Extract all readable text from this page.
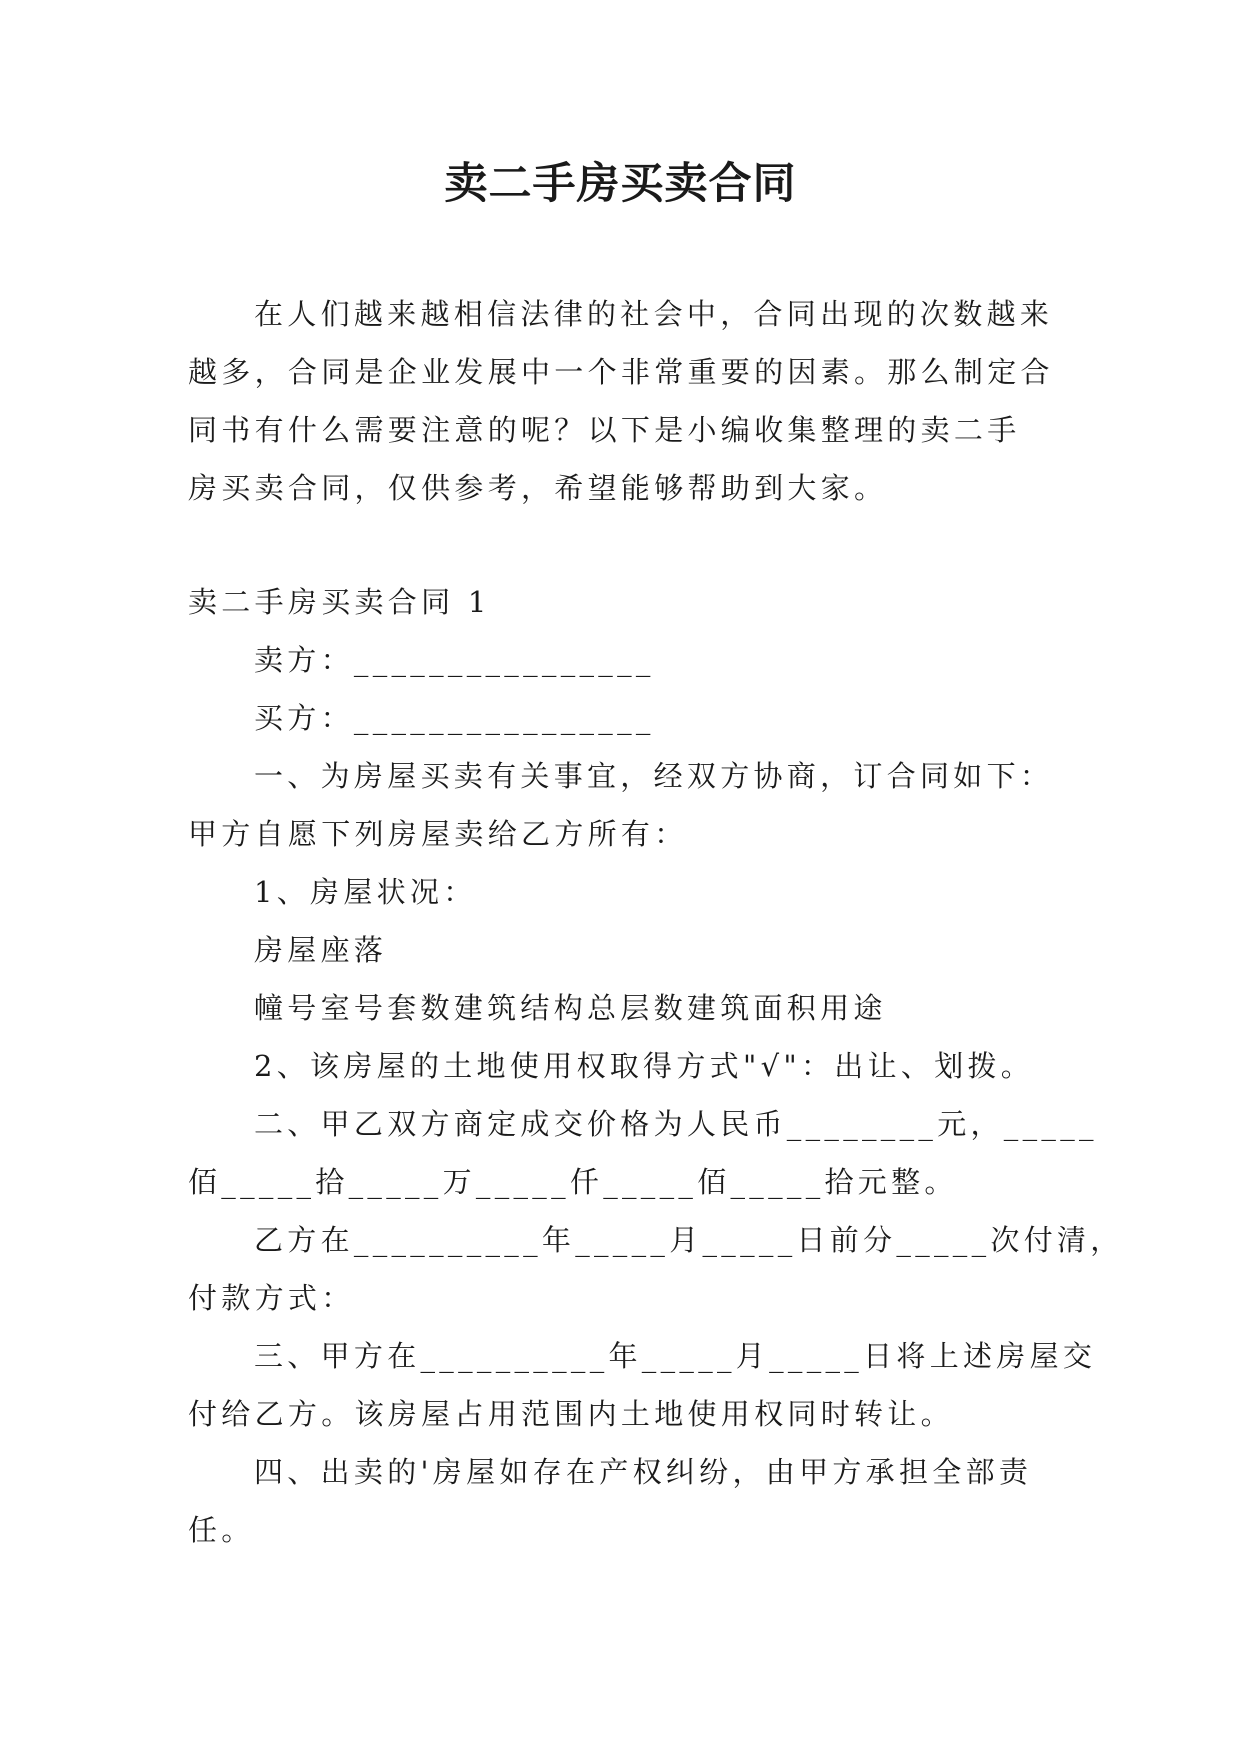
卖二手房买卖合同

在人们越来越相信法律的社会中，合同出现的次数越来

越多，合同是企业发展中一个非常重要的因素。那么制定合

同书有什么需要注意的呢？以下是小编收集整理的卖二手

房买卖合同，仅供参考，希望能够帮助到大家。

卖二手房买卖合同 1

卖方：________________

买方：________________

一、为房屋买卖有关事宜，经双方协商，订合同如下：

甲方自愿下列房屋卖给乙方所有：

1、房屋状况：

房屋座落

幢号室号套数建筑结构总层数建筑面积用途

2、该房屋的土地使用权取得方式"√"：出让、划拨。

二、甲乙双方商定成交价格为人民币________元，_____

佰_____拾_____万_____仟_____佰_____拾元整。

乙方在__________年_____月_____日前分_____次付清，

付款方式：

三、甲方在__________年_____月_____日将上述房屋交

付给乙方。该房屋占用范围内土地使用权同时转让。

四、出卖的'房屋如存在产权纠纷，由甲方承担全部责

任。
